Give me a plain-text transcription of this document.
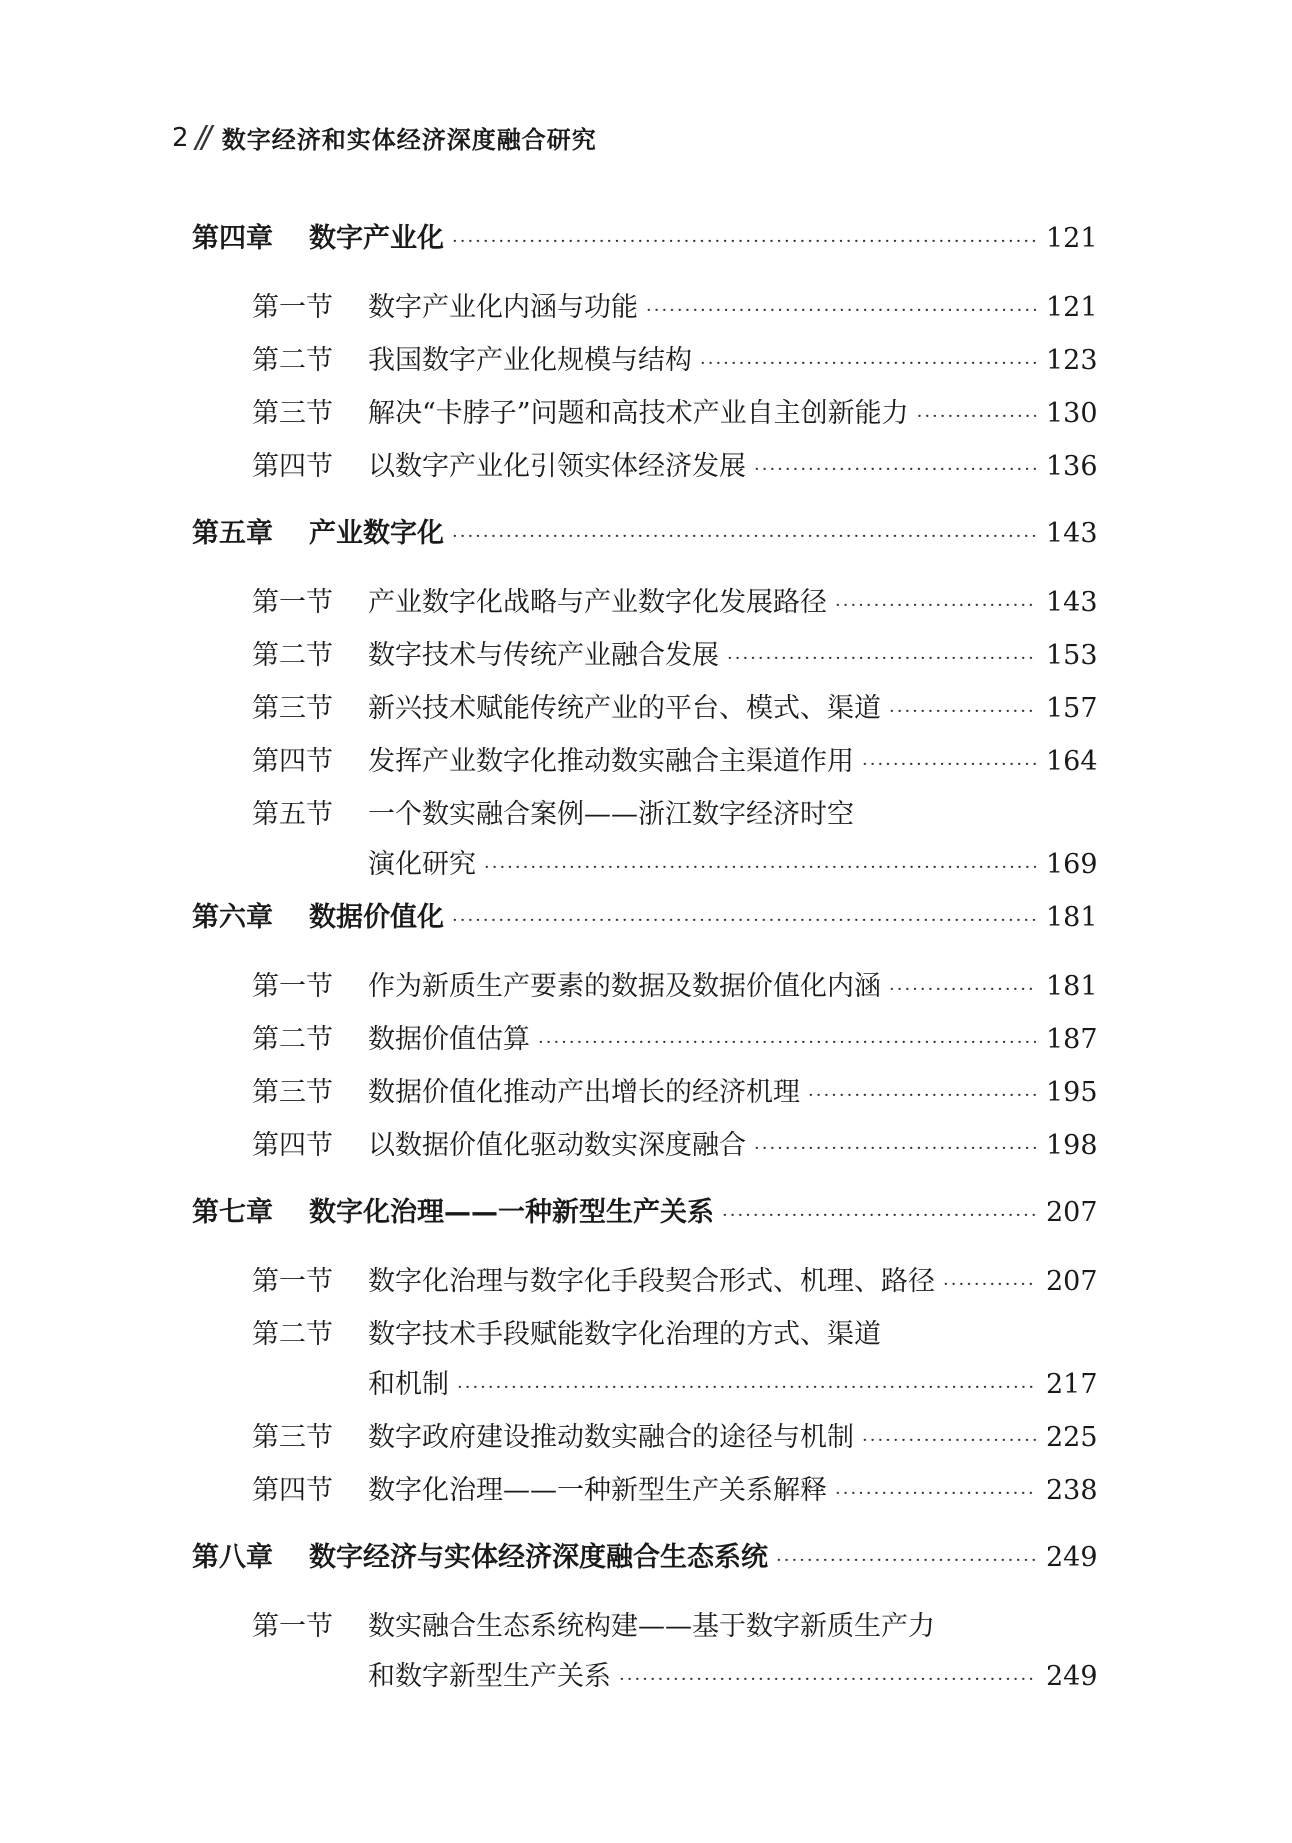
2 // 数字经济和实体经济深度融合研究
第四章	数字产业化 ·····	121
第一节	数字产业化内涵与功能 ·····	121
第二节	我国数字产业化规模与结构 ·····	123
第三节	解决“卡脖子”问题和高技术产业自主创新能力 ·····	130
第四节	以数字产业化引领实体经济发展 ·····	136
第五章	产业数字化 ·····	143
第一节	产业数字化战略与产业数字化发展路径 ·····	143
第二节	数字技术与传统产业融合发展 ·····	153
第三节	新兴技术赋能传统产业的平台、模式、渠道 ·····	157
第四节	发挥产业数字化推动数实融合主渠道作用 ·····	164
第五节	一个数实融合案例——浙江数字经济时空
演化研究 ·····	169
第六章	数据价值化 ·····	181
第一节	作为新质生产要素的数据及数据价值化内涵 ·····	181
第二节	数据价值估算 ·····	187
第三节	数据价值化推动产出增长的经济机理 ·····	195
第四节	以数据价值化驱动数实深度融合 ·····	198
第七章	数字化治理——一种新型生产关系 ·····	207
第一节	数字化治理与数字化手段契合形式、机理、路径 ·····	207
第二节	数字技术手段赋能数字化治理的方式、渠道
和机制 ·····	217
第三节	数字政府建设推动数实融合的途径与机制 ·····	225
第四节	数字化治理——一种新型生产关系解释 ·····	238
第八章	数字经济与实体经济深度融合生态系统 ·····	249
第一节	数实融合生态系统构建——基于数字新质生产力
和数字新型生产关系 ·····	249
